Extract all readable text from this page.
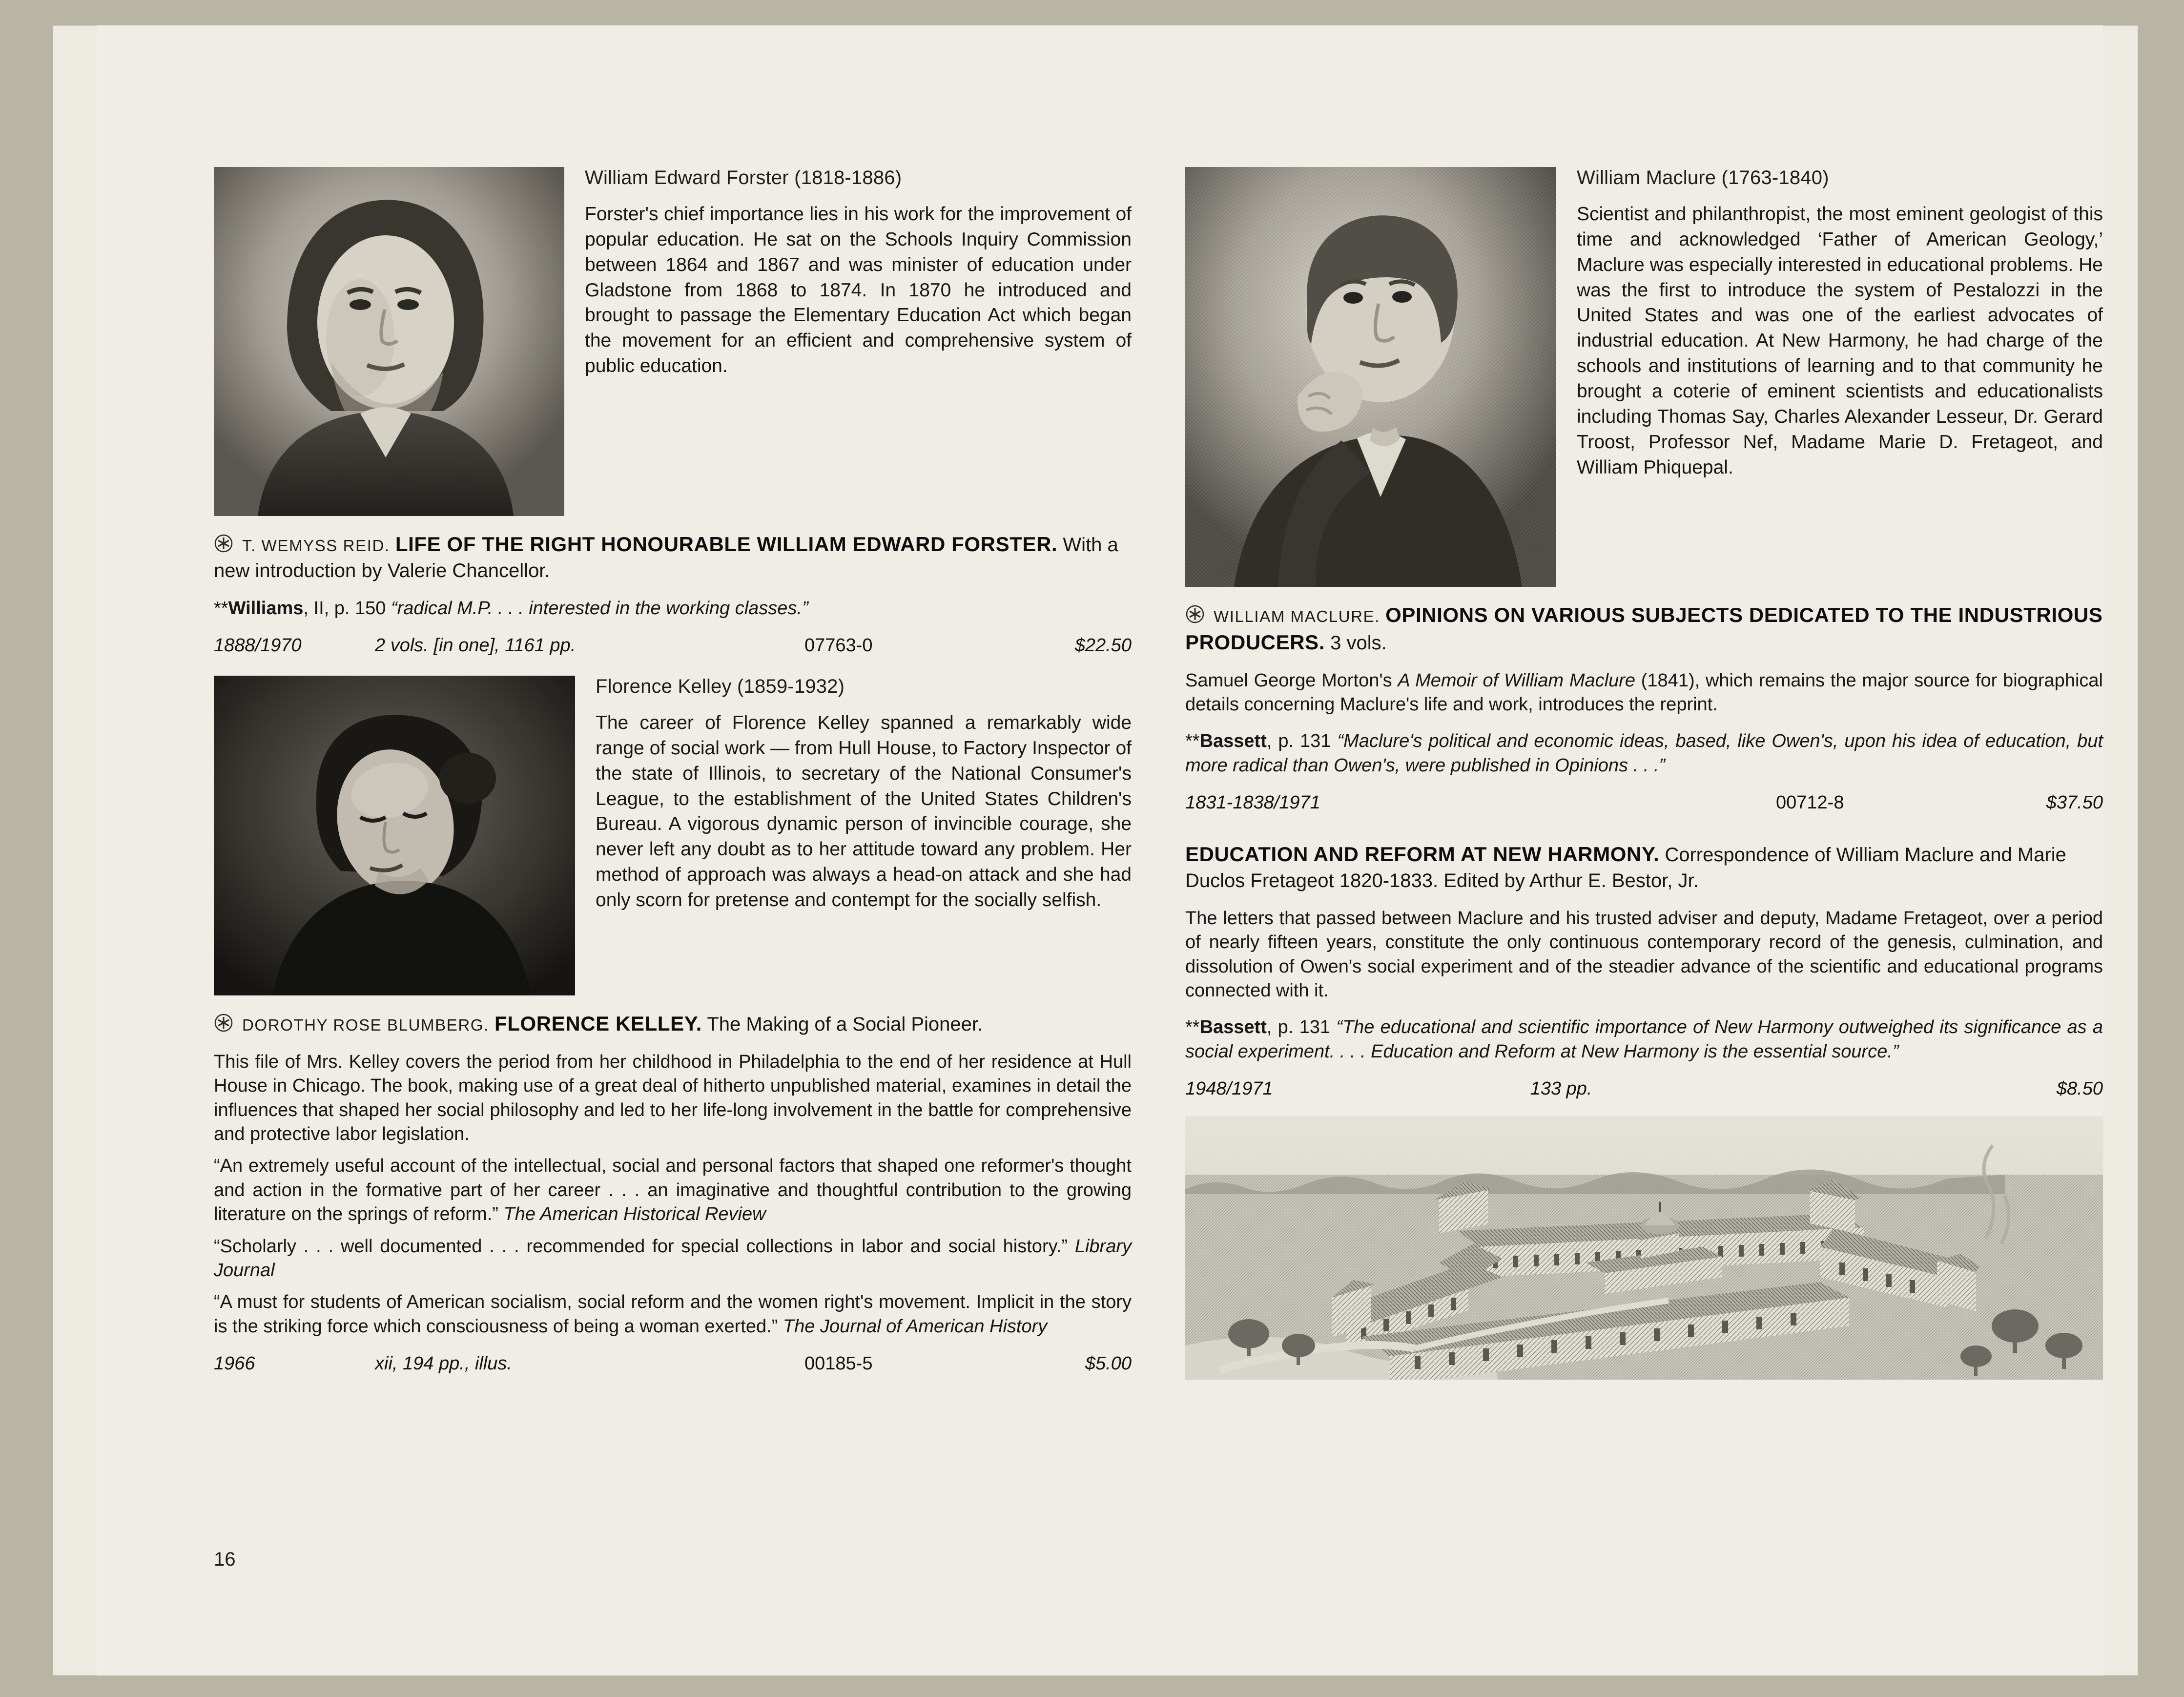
William Edward Forster (1818-1886)
Forster's chief importance lies in his work for the improvement of popular education. He sat on the Schools Inquiry Commission between 1864 and 1867 and was minister of education under Gladstone from 1868 to 1874. In 1870 he introduced and brought to passage the Elementary Education Act which began the movement for an efficient and comprehensive system of public education.
T. WEMYSS REID. LIFE OF THE RIGHT HONOURABLE WILLIAM EDWARD FORSTER. With a new introduction by Valerie Chancellor.
**Williams, II, p. 150 “radical M.P. . . . interested in the working classes.”
1888/1970	2 vols. [in one], 1161 pp.	07763-0	$22.50
Florence Kelley (1859-1932)
The career of Florence Kelley spanned a remarkably wide range of social work — from Hull House, to Factory Inspector of the state of Illinois, to secretary of the National Consumer's League, to the establishment of the United States Children's Bureau. A vigorous dynamic person of invincible courage, she never left any doubt as to her attitude toward any problem. Her method of approach was always a head-on attack and she had only scorn for pretense and contempt for the socially selfish.
DOROTHY ROSE BLUMBERG. FLORENCE KELLEY. The Making of a Social Pioneer.
This file of Mrs. Kelley covers the period from her childhood in Philadelphia to the end of her residence at Hull House in Chicago. The book, making use of a great deal of hitherto unpublished material, examines in detail the influences that shaped her social philosophy and led to her life-long involvement in the battle for comprehensive and protective labor legislation.
“An extremely useful account of the intellectual, social and personal factors that shaped one reformer's thought and action in the formative part of her career . . . an imaginative and thoughtful contribution to the growing literature on the springs of reform.” The American Historical Review
“Scholarly . . . well documented . . . recommended for special collections in labor and social history.” Library Journal
“A must for students of American socialism, social reform and the women right's movement. Implicit in the story is the striking force which consciousness of being a woman exerted.” The Journal of American History
1966	xii, 194 pp., illus.	00185-5	$5.00
William Maclure (1763-1840)
Scientist and philanthropist, the most eminent geologist of this time and acknowledged ‘Father of American Geology,’ Maclure was especially interested in educational problems. He was the first to introduce the system of Pestalozzi in the United States and was one of the earliest advocates of industrial education. At New Harmony, he had charge of the schools and institutions of learning and to that community he brought a coterie of eminent scientists and educationalists including Thomas Say, Charles Alexander Lesseur, Dr. Gerard Troost, Professor Nef, Madame Marie D. Fretageot, and William Phiquepal.
WILLIAM MACLURE. OPINIONS ON VARIOUS SUBJECTS DEDICATED TO THE INDUSTRIOUS PRODUCERS. 3 vols.
Samuel George Morton's A Memoir of William Maclure (1841), which remains the major source for biographical details concerning Maclure's life and work, introduces the reprint.
**Bassett, p. 131 “Maclure's political and economic ideas, based, like Owen's, upon his idea of education, but more radical than Owen's, were published in Opinions . . .”
1831-1838/1971	00712-8	$37.50
EDUCATION AND REFORM AT NEW HARMONY. Correspondence of William Maclure and Marie Duclos Fretageot 1820-1833. Edited by Arthur E. Bestor, Jr.
The letters that passed between Maclure and his trusted adviser and deputy, Madame Fretageot, over a period of nearly fifteen years, constitute the only continuous contemporary record of the genesis, culmination, and dissolution of Owen's social experiment and of the steadier advance of the scientific and educational programs connected with it.
**Bassett, p. 131 “The educational and scientific importance of New Harmony outweighed its significance as a social experiment. . . . Education and Reform at New Harmony is the essential source.”
1948/1971	133 pp.	$8.50
16
